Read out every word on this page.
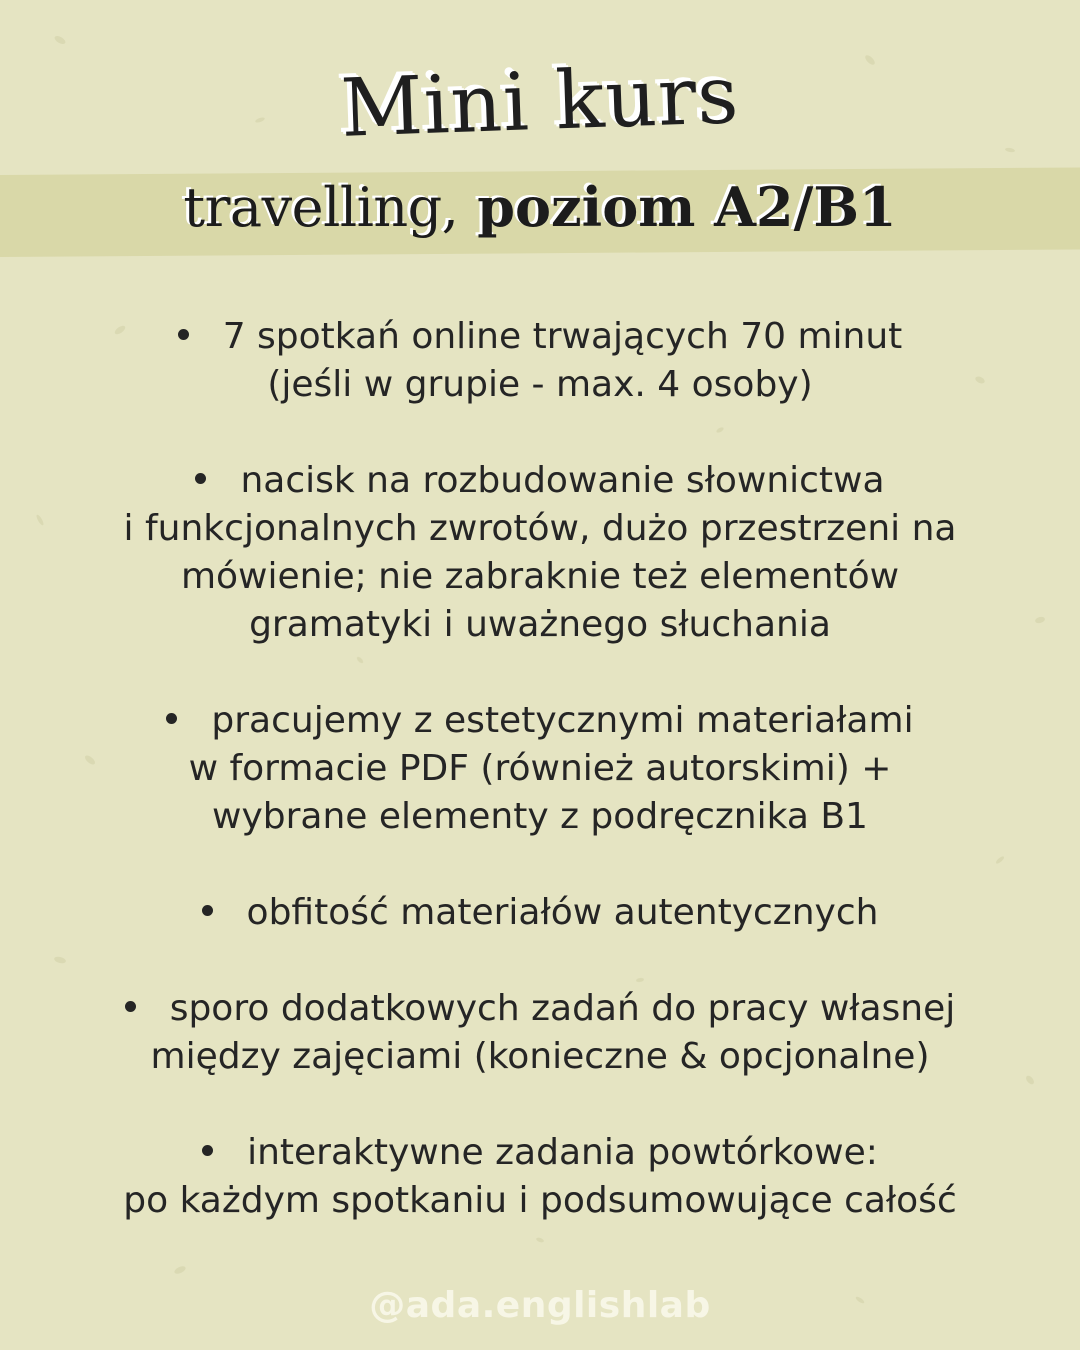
Mini kurs
travelling, poziom A2/B1
7 spotkań online trwających 70 minut
(jeśli w grupie - max. 4 osoby)
nacisk na rozbudowanie słownictwa
i funkcjonalnych zwrotów, dużo przestrzeni na
mówienie; nie zabraknie też elementów
gramatyki i uważnego słuchania
pracujemy z estetycznymi materiałami
w formacie PDF (również autorskimi) +
wybrane elementy z podręcznika B1
obfitość materiałów autentycznych
sporo dodatkowych zadań do pracy własnej
między zajęciami (konieczne & opcjonalne)
interaktywne zadania powtórkowe:
po każdym spotkaniu i podsumowujące całość

@ada.englishlab
